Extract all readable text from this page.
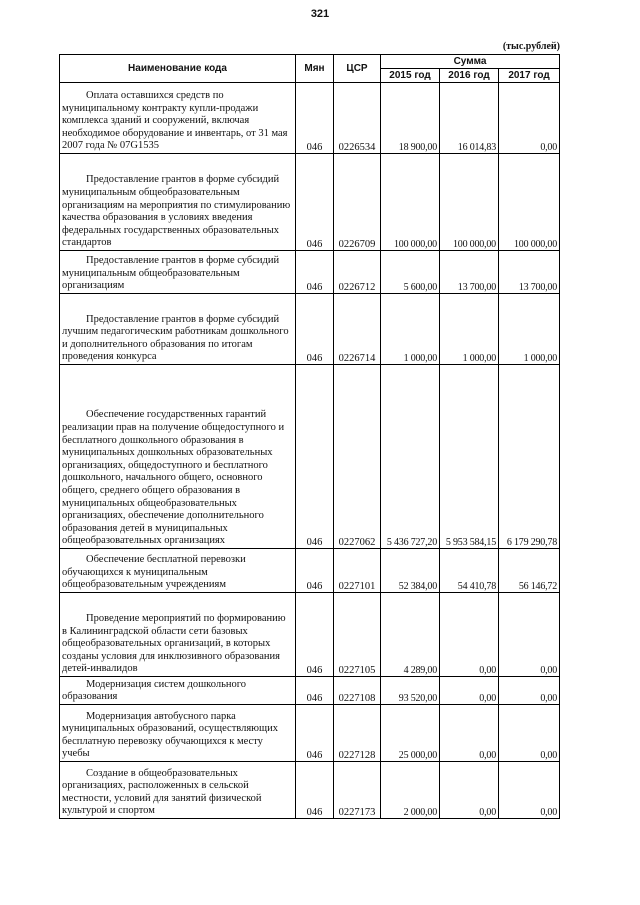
321
(тыс.рублей)
Наименование кода	Мян	ЦСР	Сумма		
			2015 год	2016 год	2017 год
Оплата оставшихся средств по муниципальному контракту купли-продажи комплекса зданий и сооружений, включая необходимое оборудование и инвентарь, от 31 мая 2007 года № 07G1535	046	0226534	18 900,00	16 014,83	0,00
Предоставление грантов в форме субсидий муниципальным общеобразовательным организациям на мероприятия по стимулированию качества образования в условиях введения федеральных государственных образовательных стандартов	046	0226709	100 000,00	100 000,00	100 000,00
Предоставление грантов в форме субсидий муниципальным общеобразовательным организациям	046	0226712	5 600,00	13 700,00	13 700,00
Предоставление грантов в форме субсидий лучшим педагогическим работникам дошкольного и дополнительного образования по итогам проведения конкурса	046	0226714	1 000,00	1 000,00	1 000,00
Обеспечение государственных гарантий реализации прав на получение общедоступного и бесплатного дошкольного образования в муниципальных дошкольных образовательных организациях, общедоступного и бесплатного дошкольного, начального общего, основного общего, среднего общего образования в муниципальных общеобразовательных организациях, обеспечение дополнительного образования детей в муниципальных общеобразовательных организациях	046	0227062	5 436 727,20	5 953 584,15	6 179 290,78
Обеспечение бесплатной перевозки обучающихся к муниципальным общеобразовательным учреждениям	046	0227101	52 384,00	54 410,78	56 146,72
Проведение мероприятий по формированию в Калининградской области сети базовых общеобразовательных организаций, в которых созданы условия для инклюзивного образования детей-инвалидов	046	0227105	4 289,00	0,00	0,00
Модернизация систем дошкольного образования	046	0227108	93 520,00	0,00	0,00
Модернизация автобусного парка муниципальных образований, осуществляющих бесплатную перевозку обучающихся к месту учебы	046	0227128	25 000,00	0,00	0,00
Создание в общеобразовательных организациях, расположенных в сельской местности, условий для занятий физической культурой и спортом	046	0227173	2 000,00	0,00	0,00
